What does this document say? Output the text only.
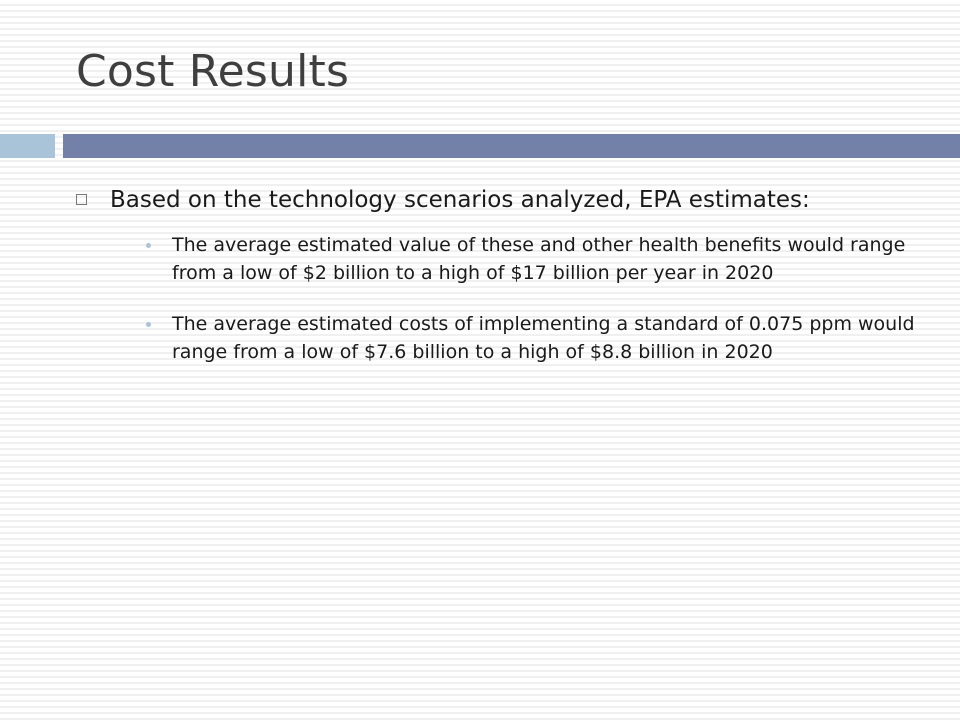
Cost Results
Based on the technology scenarios analyzed, EPA estimates:
The average estimated value of these and other health benefits would range from a low of $2 billion to a high of $17 billion per year in 2020
The average estimated costs of implementing a standard of 0.075 ppm would range from a low of $7.6 billion to a high of $8.8 billion in 2020
